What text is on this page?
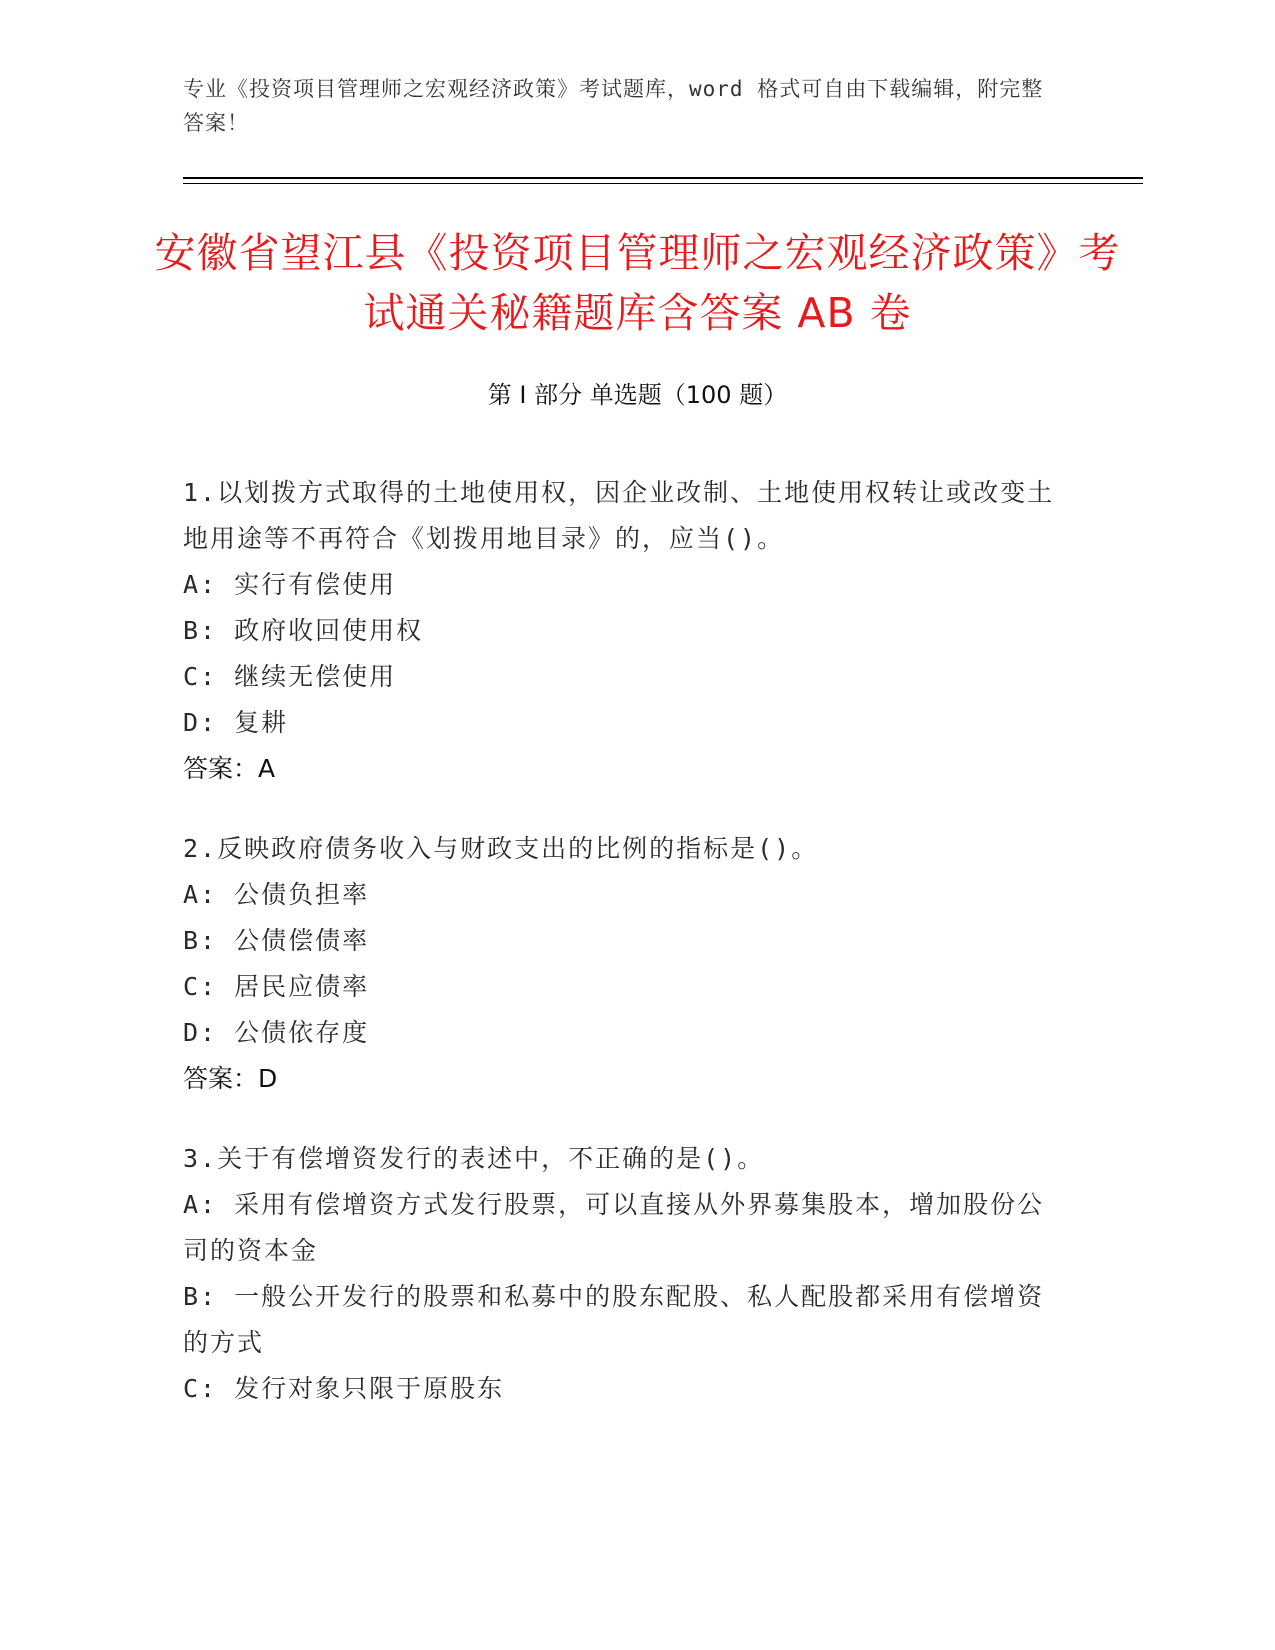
专业《投资项目管理师之宏观经济政策》考试题库，word 格式可自由下载编辑，附完整答案！
安徽省望江县《投资项目管理师之宏观经济政策》考试通关秘籍题库含答案 AB 卷
第 I 部分 单选题（100 题）
1.以划拨方式取得的土地使用权，因企业改制、土地使用权转让或改变土地用途等不再符合《划拨用地目录》的，应当()。
A: 实行有偿使用
B: 政府收回使用权
C: 继续无偿使用
D: 复耕
答案：A
2.反映政府债务收入与财政支出的比例的指标是()。
A: 公债负担率
B: 公债偿债率
C: 居民应债率
D: 公债依存度
答案：D
3.关于有偿增资发行的表述中，不正确的是()。
A: 采用有偿增资方式发行股票，可以直接从外界募集股本，增加股份公司的资本金
B: 一般公开发行的股票和私募中的股东配股、私人配股都采用有偿增资的方式
C: 发行对象只限于原股东
